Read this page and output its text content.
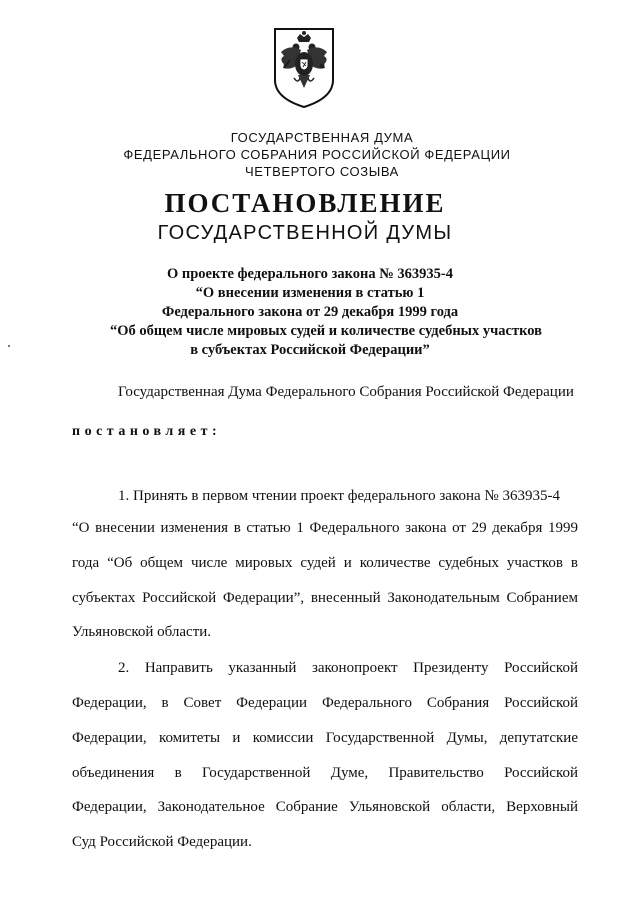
ГОСУДАРСТВЕННАЯ ДУМА
ФЕДЕРАЛЬНОГО СОБРАНИЯ РОССИЙСКОЙ ФЕДЕРАЦИИ
ЧЕТВЕРТОГО СОЗЫВА
ПОСТАНОВЛЕНИЕ
ГОСУДАРСТВЕННОЙ ДУМЫ
О проекте федерального закона № 363935-4
“О внесении изменения в статью 1
Федерального закона от 29 декабря 1999 года
“Об общем числе мировых судей и количестве судебных участков
в субъектах Российской Федерации”
Государственная Дума Федерального Собрания Российской Федерации
постановляет:
1. Принять в первом чтении проект федерального закона № 363935-4
“О внесении изменения в статью 1 Федерального закона от 29 декабря 1999
года “Об общем числе мировых судей и количестве судебных участков в
субъектах Российской Федерации”, внесенный Законодательным Собранием
Ульяновской области.
2. Направить указанный законопроект Президенту Российской
Федерации, в Совет Федерации Федерального Собрания Российской
Федерации, комитеты и комиссии Государственной Думы, депутатские
объединения в Государственной Думе, Правительство Российской
Федерации, Законодательное Собрание Ульяновской области, Верховный
Суд Российской Федерации.
